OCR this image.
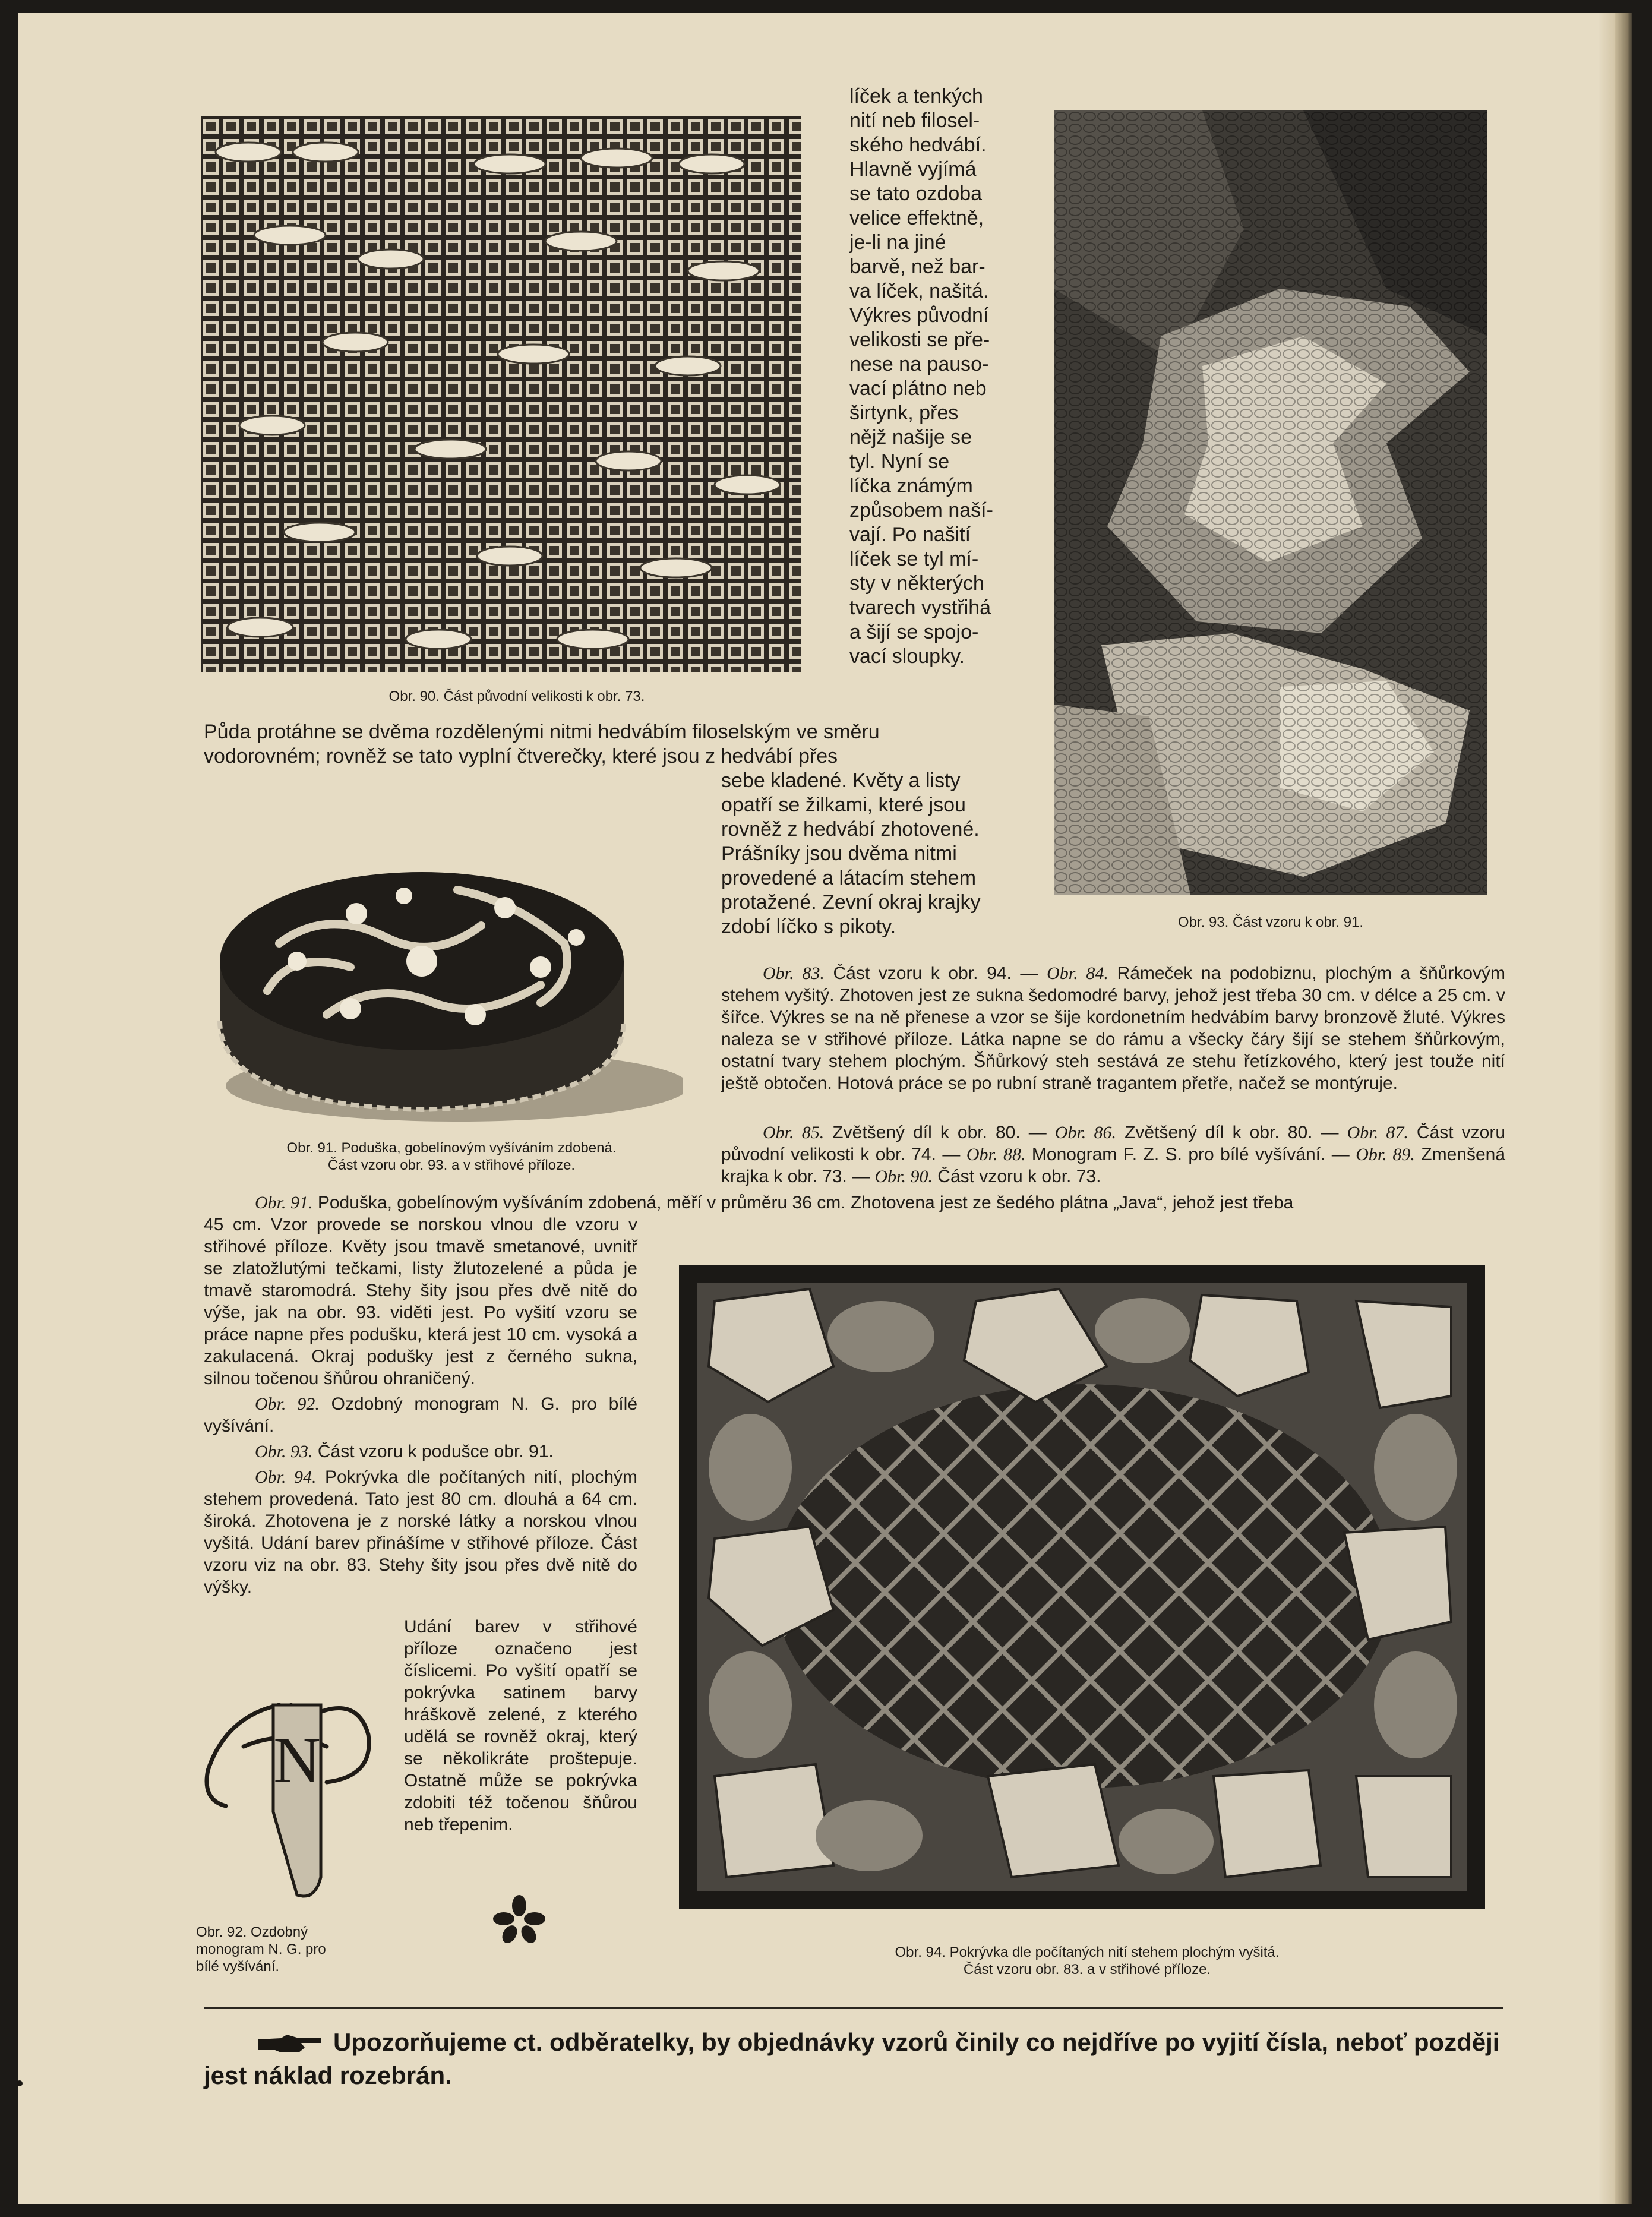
Obr. 90. Část původní velikosti k obr. 73.
líček a tenkých
nití neb filosel-
ského hedvábí.
Hlavně vyjímá
se tato ozdoba
velice effektně,
je-li na jiné
barvě, než bar-
va líček, našitá.
Výkres původní
velikosti se pře-
nese na pauso-
vací plátno neb
širtynk, přes
nějž našije se
tyl. Nyní se
líčka známým
způsobem naší-
vají. Po našití
líček se tyl mí-
sty v některých
tvarech vystřihá
a šijí se spojo-
vací sloupky.
Obr. 93. Část vzoru k obr. 91.
Půda protáhne se dvěma rozdělenými nitmi hedvábím filoselským ve směru
vodorovném; rovněž se tato vyplní čtverečky, které jsou z hedvábí přes
Obr. 91. Poduška, gobelínovým vyšíváním zdobená.
Část vzoru obr. 93. a v střihové příloze.
sebe kladené. Květy a listy
opatří se žilkami, které jsou
rovněž z hedvábí zhotovené.
Prášníky jsou dvěma nitmi
provedené a látacím stehem
protažené. Zevní okraj krajky
zdobí líčko s pikoty.
Obr. 83. Část vzoru k obr. 94. — Obr. 84. Rámeček na podobiznu, plochým a šňůrkovým stehem vyšitý. Zhotoven jest ze sukna šedomodré barvy, jehož jest třeba 30 cm. v délce a 25 cm. v šířce. Výkres se na ně přenese a vzor se šije kordonetním hedvábím barvy bronzově žluté. Výkres naleza se v střihové příloze. Látka napne se do rámu a všecky čáry šijí se stehem šňůrkovým, ostatní tvary stehem plochým. Šňůrkový steh sestává ze stehu řetízkového, který jest touže nití ještě obtočen. Hotová práce se po rubní straně tragantem přetře, načež se montýruje.
Obr. 85. Zvětšený díl k obr. 80. — Obr. 86. Zvětšený díl k obr. 80. — Obr. 87. Část vzoru původní velikosti k obr. 74. — Obr. 88. Monogram F. Z. S. pro bílé vyšívání. — Obr. 89. Zmenšená krajka k obr. 73. — Obr. 90. Část vzoru k obr. 73.
Obr. 91. Poduška, gobelínovým vyšíváním zdobená, měří v průměru 36 cm. Zhotovena jest ze šedého plátna „Java“, jehož jest třeba

45 cm. Vzor provede se norskou vlnou dle vzoru v střihové příloze. Květy jsou tmavě smetanové, uvnitř se zlatožlutými tečkami, listy žlutozelené a půda je tmavě staromodrá. Stehy šity jsou přes dvě nitě do výše, jak na obr. 93. viděti jest. Po vyšití vzoru se práce napne přes podušku, která jest 10 cm. vysoká a zakulacená. Okraj podušky jest z černého sukna, silnou točenou šňůrou ohraničený.

Obr. 92. Ozdobný monogram N. G. pro bílé vyšívání.

Obr. 93. Část vzoru k podušce obr. 91.

Obr. 94. Pokrývka dle počítaných nití, plochým stehem provedená. Tato jest 80 cm. dlouhá a 64 cm. široká. Zhotovena je z norské látky a norskou vlnou vyšitá. Udání barev přinášíme v střihové příloze. Část vzoru viz na obr. 83. Stehy šity jsou přes dvě nitě do výšky.

Udání barev v střihové příloze označeno jest číslicemi. Po vyšití opatří se pokrývka satinem barvy hráškově zelené, z kterého udělá se rovněž okraj, který se několikráte proštepuje. Ostatně může se pokrývka zdobiti též točenou šňůrou neb třepenim.
N
Obr. 92. Ozdobný
monogram N. G. pro
bílé vyšívání.
Obr. 94. Pokrývka dle počítaných nití stehem plochým vyšitá.
Část vzoru obr. 83. a v střihové příloze.
Upozorňujeme ct. odběratelky, by objednávky vzorů činily co nejdříve po vyjití čísla, neboť později jest náklad rozebrán.
